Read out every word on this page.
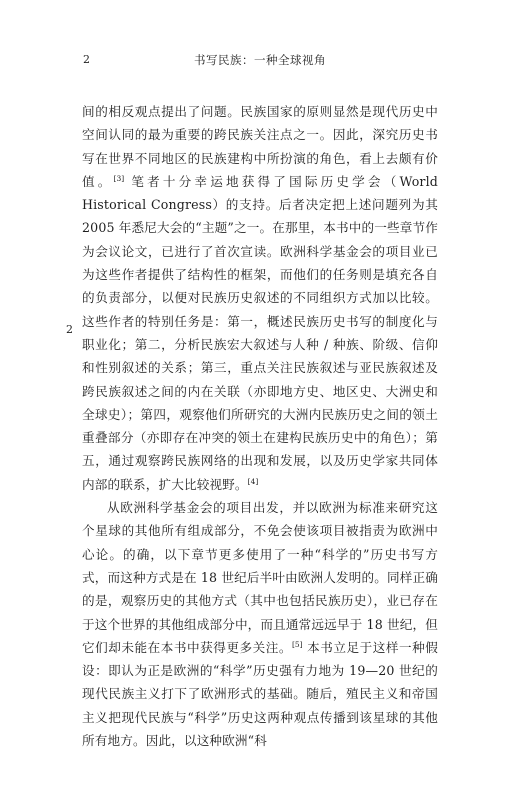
2	书写民族：一种全球视角
2

间的相反观点提出了问题。民族国家的原则显然是现代历史中空间认同的最为重要的跨民族关注点之一。因此，深究历史书写在世界不同地区的民族建构中所扮演的角色，看上去颇有价值。[3] 笔者十分幸运地获得了国际历史学会（World Historical Congress）的支持。后者决定把上述问题列为其 2005 年悉尼大会的“主题”之一。在那里，本书中的一些章节作为会议论文，已进行了首次宣读。欧洲科学基金会的项目业已为这些作者提供了结构性的框架，而他们的任务则是填充各自的负责部分，以便对民族历史叙述的不同组织方式加以比较。这些作者的特别任务是：第一，概述民族历史书写的制度化与职业化；第二，分析民族宏大叙述与人种 / 种族、阶级、信仰和性别叙述的关系；第三，重点关注民族叙述与亚民族叙述及跨民族叙述之间的内在关联（亦即地方史、地区史、大洲史和全球史）；第四，观察他们所研究的大洲内民族历史之间的领土重叠部分（亦即存在冲突的领土在建构民族历史中的角色）；第五，通过观察跨民族网络的出现和发展，以及历史学家共同体内部的联系，扩大比较视野。[4]

从欧洲科学基金会的项目出发，并以欧洲为标准来研究这个星球的其他所有组成部分，不免会使该项目被指责为欧洲中心论。的确，以下章节更多使用了一种“科学的”历史书写方式，而这种方式是在 18 世纪后半叶由欧洲人发明的。同样正确的是，观察历史的其他方式（其中也包括民族历史），业已存在于这个世界的其他组成部分中，而且通常远远早于 18 世纪，但它们却未能在本书中获得更多关注。[5] 本书立足于这样一种假设：即认为正是欧洲的“科学”历史强有力地为 19—20 世纪的现代民族主义打下了欧洲形式的基础。随后，殖民主义和帝国主义把现代民族与“科学”历史这两种观点传播到该星球的其他所有地方。因此，以这种欧洲“科
